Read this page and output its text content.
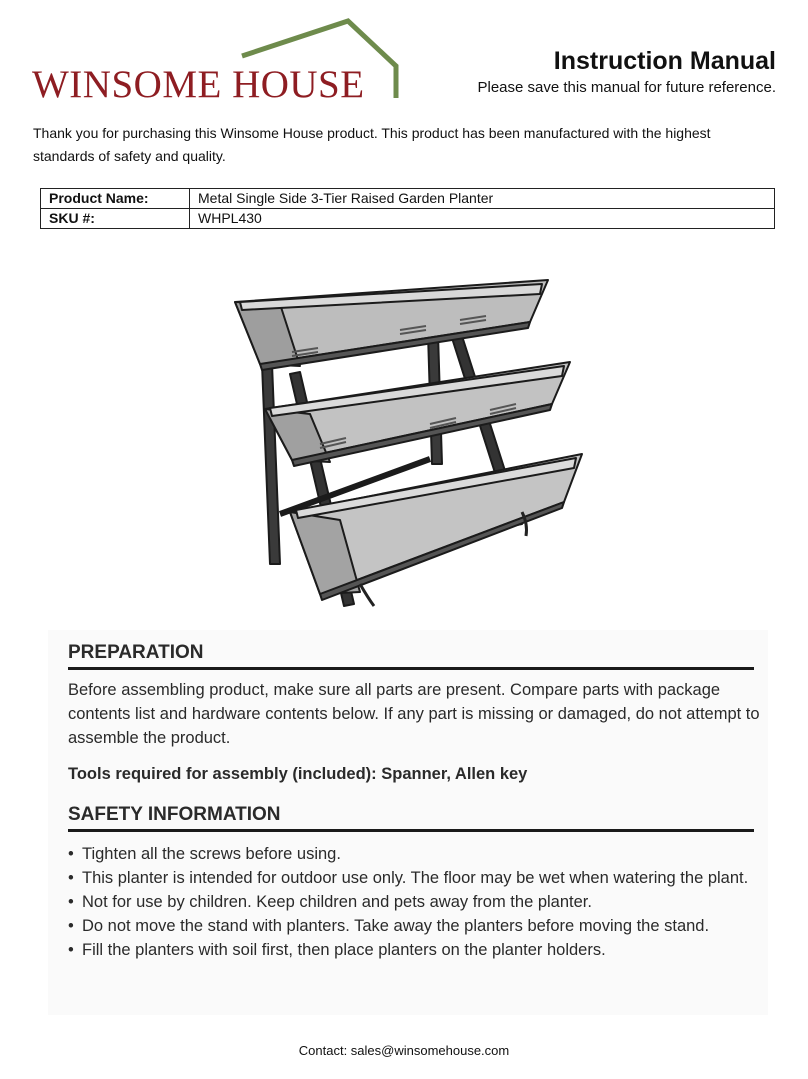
WINSOME HOUSE

Instruction Manual

Please save this manual for future reference.

Thank you for purchasing this Winsome House product. This product has been manufactured with the highest standards of safety and quality.

Product Name:	Metal Single Side 3-Tier Raised Garden Planter
SKU #:	WHPL430
PREPARATION

Before assembling product, make sure all parts are present. Compare parts with package contents list and hardware contents below. If any part is missing or damaged, do not attempt to assemble the product.

Tools required for assembly (included): Spanner, Allen key

SAFETY INFORMATION
• Tighten all the screws before using.
• This planter is intended for outdoor use only. The floor may be wet when watering the plant.
• Not for use by children. Keep children and pets away from the planter.
• Do not move the stand with planters. Take away the planters before moving the stand.
• Fill the planters with soil first, then place planters on the planter holders.
Contact: sales@winsomehouse.com
